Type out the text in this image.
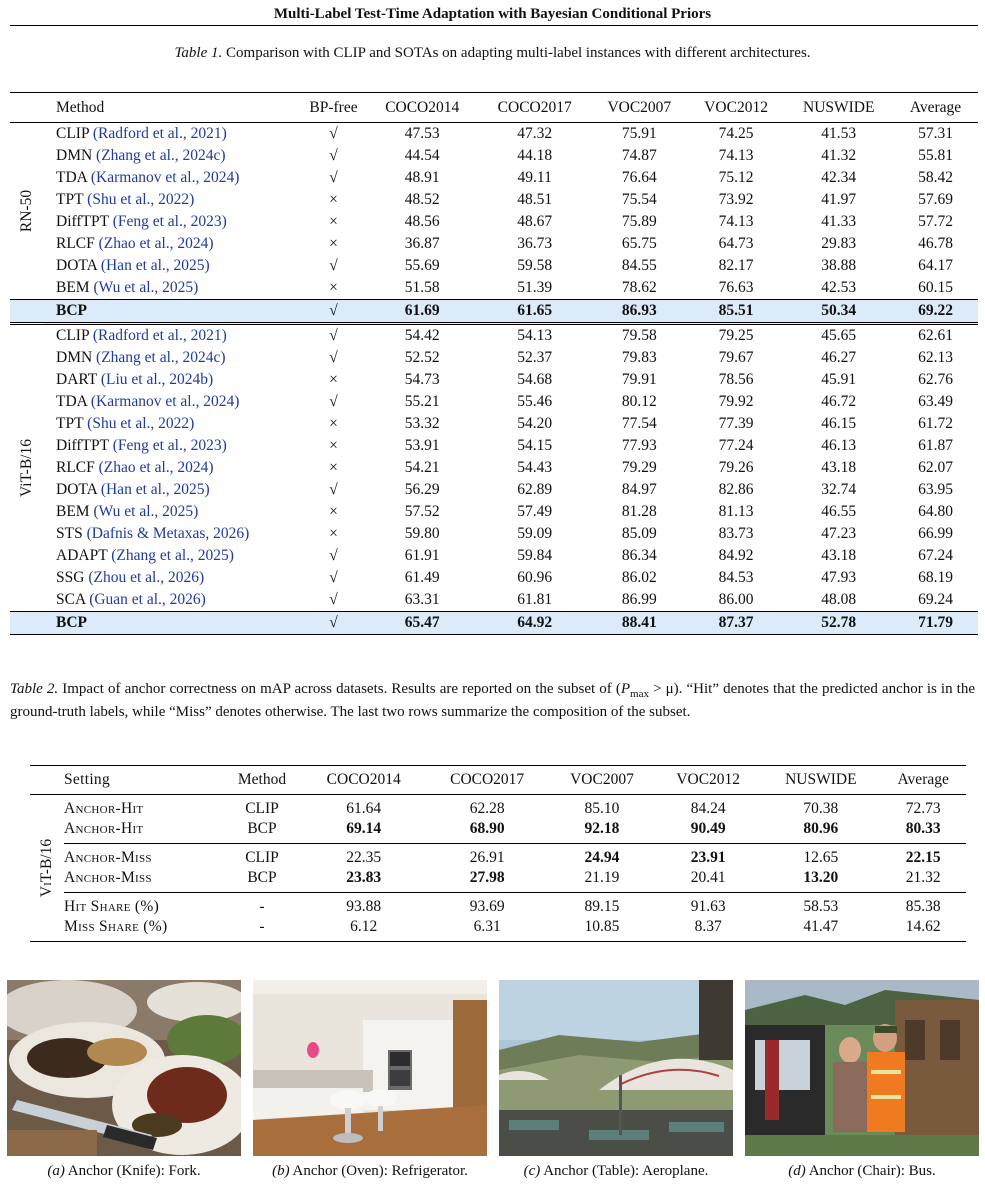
Multi-Label Test-Time Adaptation with Bayesian Conditional Priors
Table 1. Comparison with CLIP and SOTAs on adapting multi-label instances with different architectures.
	Method	BP-free	COCO2014	COCO2017	VOC2007	VOC2012	NUSWIDE	Average

RN-50	CLIP (Radford et al., 2021)	√	47.53	47.32	75.91	74.25	41.53	57.31
	DMN (Zhang et al., 2024c)	√	44.54	44.18	74.87	74.13	41.32	55.81
	TDA (Karmanov et al., 2024)	√	48.91	49.11	76.64	75.12	42.34	58.42
	TPT (Shu et al., 2022)	×	48.52	48.51	75.54	73.92	41.97	57.69
	DiffTPT (Feng et al., 2023)	×	48.56	48.67	75.89	74.13	41.33	57.72
	RLCF (Zhao et al., 2024)	×	36.87	36.73	65.75	64.73	29.83	46.78
	DOTA (Han et al., 2025)	√	55.69	59.58	84.55	82.17	38.88	64.17
	BEM (Wu et al., 2025)	×	51.58	51.39	78.62	76.63	42.53	60.15
	BCP	√	61.69	61.65	86.93	85.51	50.34	69.22

ViT-B/16	CLIP (Radford et al., 2021)	√	54.42	54.13	79.58	79.25	45.65	62.61
	DMN (Zhang et al., 2024c)	√	52.52	52.37	79.83	79.67	46.27	62.13
	DART (Liu et al., 2024b)	×	54.73	54.68	79.91	78.56	45.91	62.76
	TDA (Karmanov et al., 2024)	√	55.21	55.46	80.12	79.92	46.72	63.49
	TPT (Shu et al., 2022)	×	53.32	54.20	77.54	77.39	46.15	61.72
	DiffTPT (Feng et al., 2023)	×	53.91	54.15	77.93	77.24	46.13	61.87
	RLCF (Zhao et al., 2024)	×	54.21	54.43	79.29	79.26	43.18	62.07
	DOTA (Han et al., 2025)	√	56.29	62.89	84.97	82.86	32.74	63.95
	BEM (Wu et al., 2025)	×	57.52	57.49	81.28	81.13	46.55	64.80
	STS (Dafnis & Metaxas, 2026)	×	59.80	59.09	85.09	83.73	47.23	66.99
	ADAPT (Zhang et al., 2025)	√	61.91	59.84	86.34	84.92	43.18	67.24
	SSG (Zhou et al., 2026)	√	61.49	60.96	86.02	84.53	47.93	68.19
	SCA (Guan et al., 2026)	√	63.31	61.81	86.99	86.00	48.08	69.24
	BCP	√	65.47	64.92	88.41	87.37	52.78	71.79
Table 2. Impact of anchor correctness on mAP across datasets. Results are reported on the subset of $(P_{max} > \mu)$. “Hit” denotes that the predicted anchor is in the ground-truth labels, while “Miss” denotes otherwise. The last two rows summarize the composition of the subset.
	Setting	Method	COCO2014	COCO2017	VOC2007	VOC2012	NUSWIDE	Average

ViT-B/16	Anchor-Hit	CLIP	61.64	62.28	85.10	84.24	70.38	72.73
	Anchor-Hit	BCP	69.14	68.90	92.18	90.49	80.96	80.33
	Anchor-Miss	CLIP	22.35	26.91	24.94	23.91	12.65	22.15
	Anchor-Miss	BCP	23.83	27.98	21.19	20.41	13.20	21.32
	Hit Share (%)	-	93.88	93.69	89.15	91.63	58.53	85.38
	Miss Share (%)	-	6.12	6.31	10.85	8.37	41.47	14.62
(a) Anchor (Knife): Fork.	(b) Anchor (Oven): Refrigerator.	(c) Anchor (Table): Aeroplane.	(d) Anchor (Chair): Bus.
